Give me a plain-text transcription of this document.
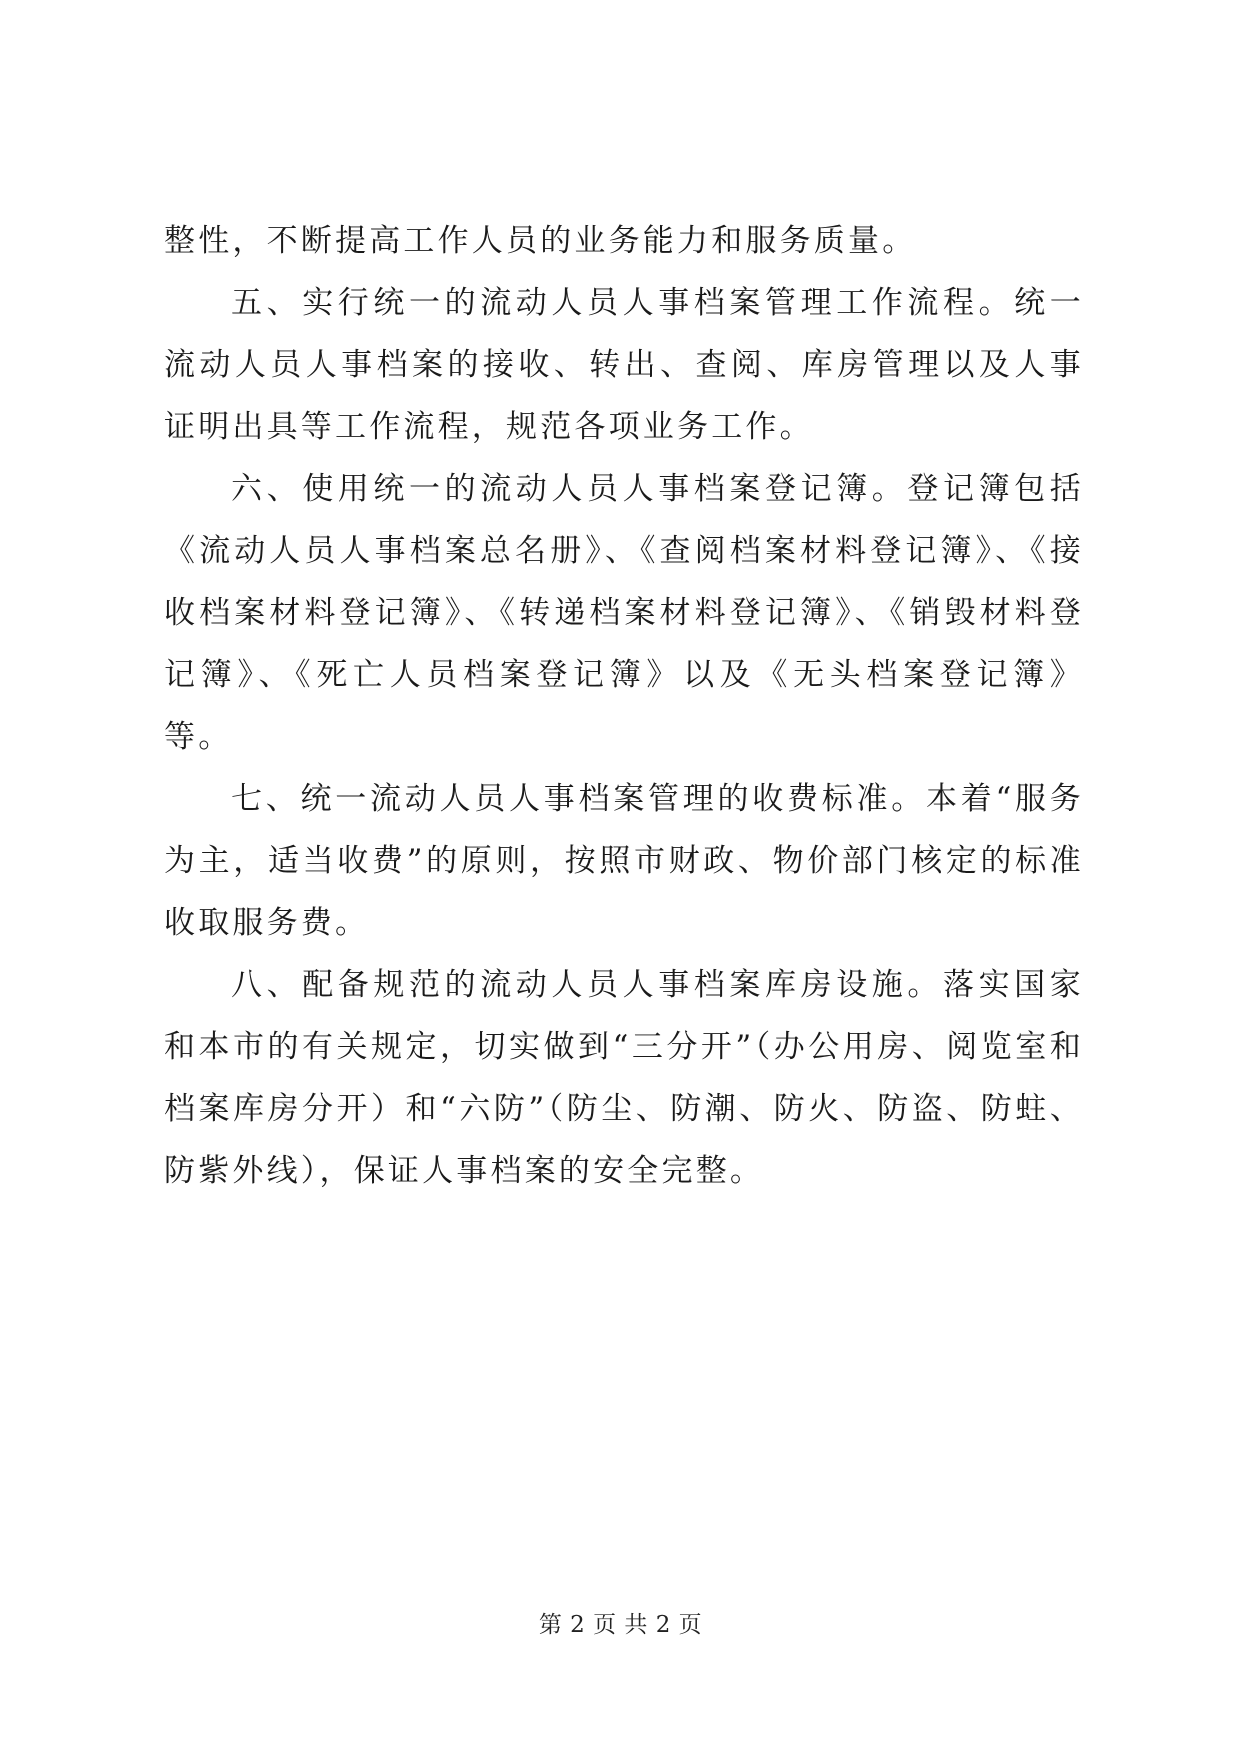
整性，不断提高工作人员的业务能力和服务质量。

五、实行统一的流动人员人事档案管理工作流程。统一流动人员人事档案的接收、转出、查阅、库房管理以及人事证明出具等工作流程，规范各项业务工作。

六、使用统一的流动人员人事档案登记簿。登记簿包括《流动人员人事档案总名册》、《查阅档案材料登记簿》、《接收档案材料登记簿》、《转递档案材料登记簿》、《销毁材料登记簿》、《死亡人员档案登记簿》以及《无头档案登记簿》等。

七、统一流动人员人事档案管理的收费标准。本着“服务为主，适当收费”的原则，按照市财政、物价部门核定的标准收取服务费。

八、配备规范的流动人员人事档案库房设施。落实国家和本市的有关规定，切实做到“三分开”（办公用房、阅览室和档案库房分开）和“六防”（防尘、防潮、防火、防盗、防蛀、防紫外线），保证人事档案的安全完整。

第 2 页 共 2 页
